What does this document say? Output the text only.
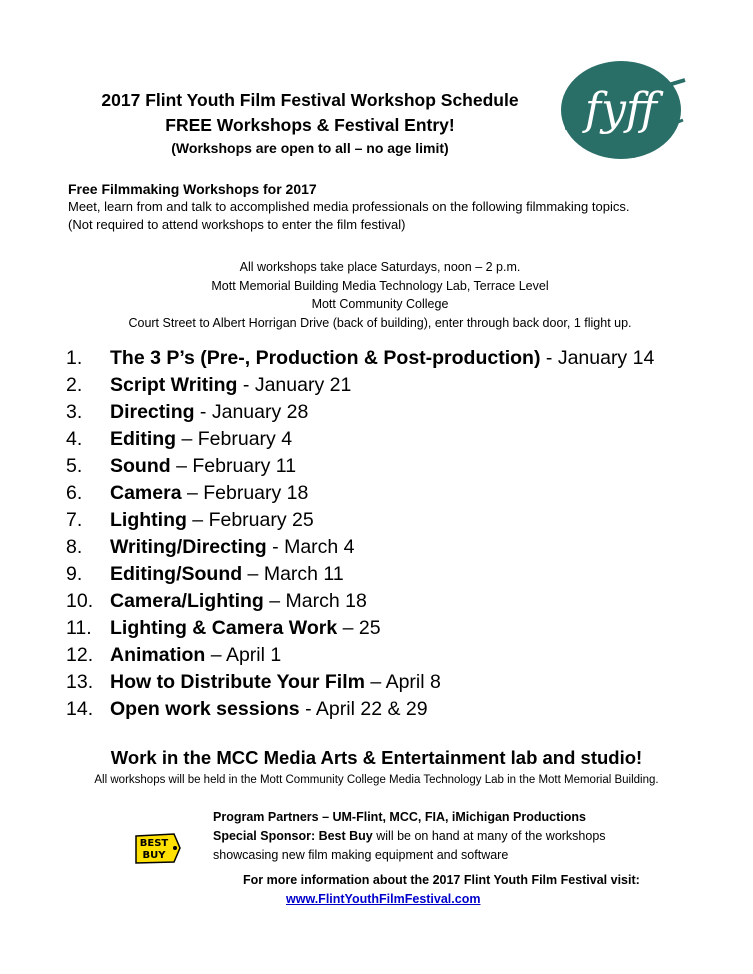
2017 Flint Youth Film Festival Workshop Schedule
FREE Workshops & Festival Entry!
(Workshops are open to all – no age limit)
fyff
Free Filmmaking Workshops for 2017
Meet, learn from and talk to accomplished media professionals on the following filmmaking topics.
(Not required to attend workshops to enter the film festival)
All workshops take place Saturdays, noon – 2 p.m.
Mott Memorial Building Media Technology Lab, Terrace Level
Mott Community College
Court Street to Albert Horrigan Drive (back of building), enter through back door, 1 flight up.
1. The 3 P’s (Pre-, Production & Post-production) - January 14
2. Script Writing - January 21
3. Directing - January 28
4. Editing – February 4
5. Sound – February 11
6. Camera – February 18
7. Lighting – February 25
8. Writing/Directing - March 4
9. Editing/Sound – March 11
10. Camera/Lighting – March 18
11. Lighting & Camera Work – 25
12. Animation – April 1
13. How to Distribute Your Film – April 8
14. Open work sessions - April 22 & 29
Work in the MCC Media Arts & Entertainment lab and studio!
All workshops will be held in the Mott Community College Media Technology Lab in the Mott Memorial Building.
BEST
BUY
Program Partners – UM-Flint, MCC, FIA, iMichigan Productions
Special Sponsor: Best Buy will be on hand at many of the workshops
showcasing new film making equipment and software
For more information about the 2017 Flint Youth Film Festival visit:
www.FlintYouthFilmFestival.com
